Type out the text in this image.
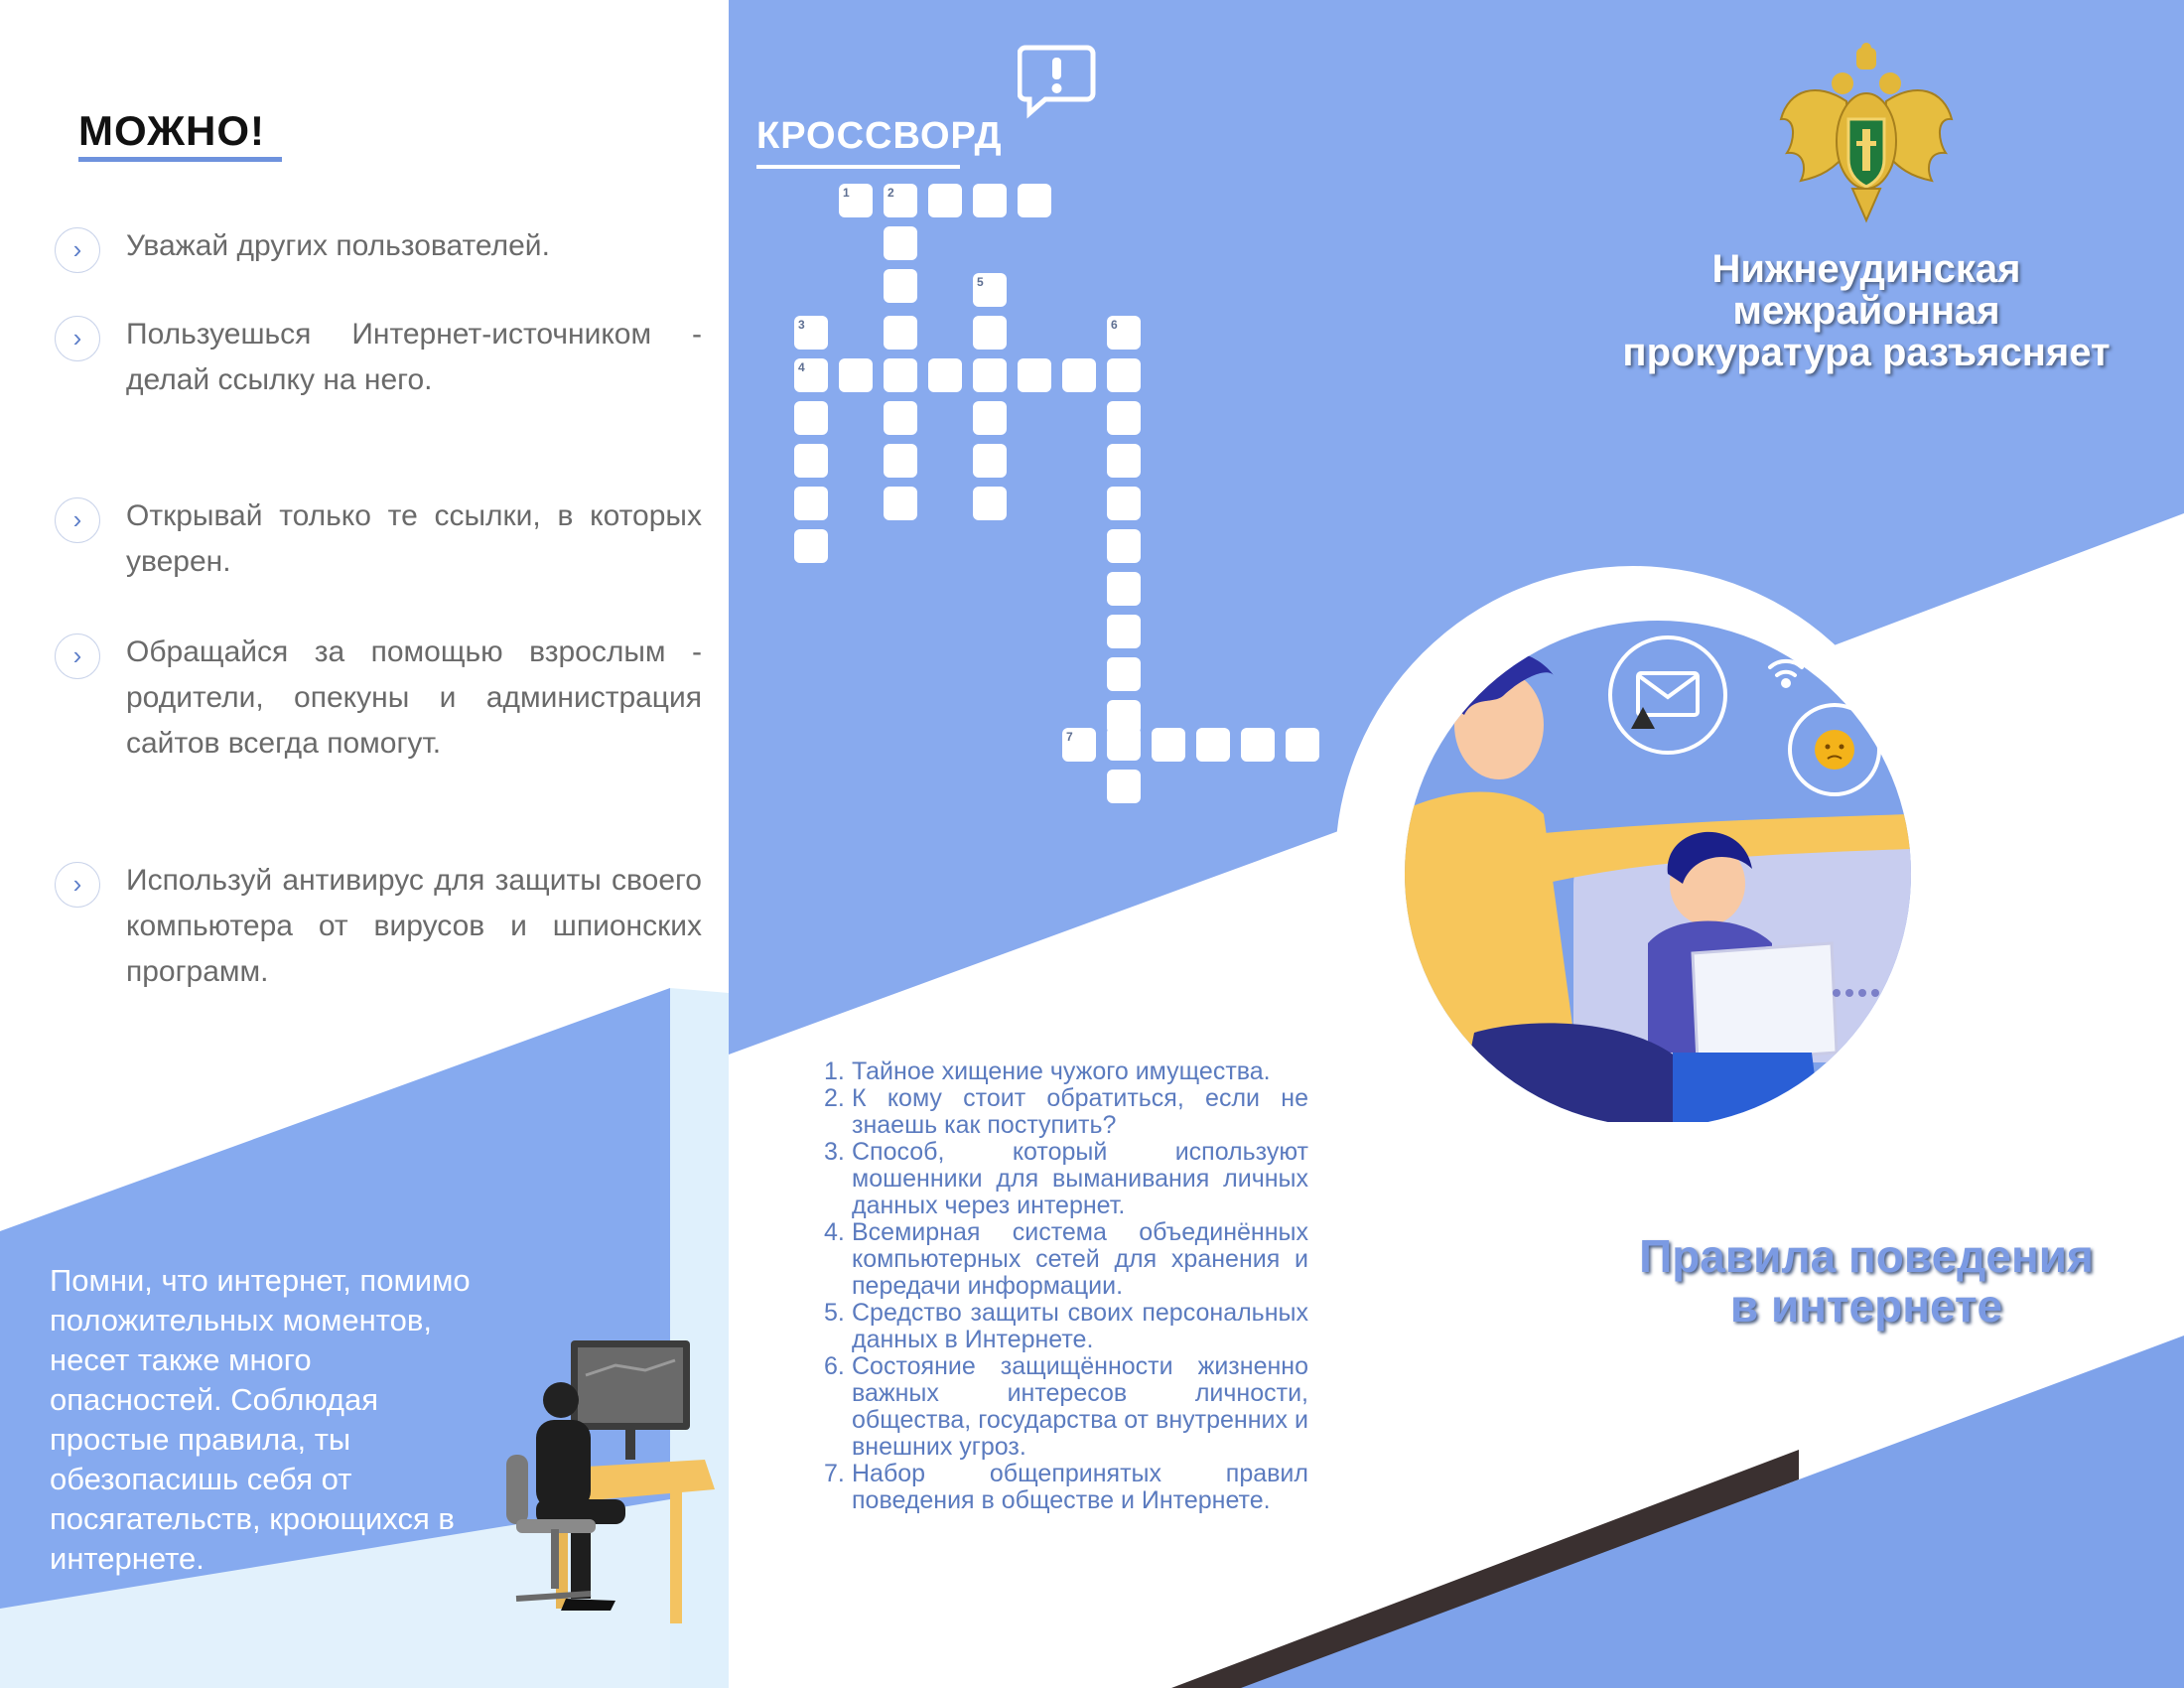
МОЖНО!
›	Уважай других пользователей.
›	Пользуешься Интернет-источником - делай ссылку на него.
›	Открывай только те ссылки, в которых уверен.
›	Обращайся за помощью взрослым - родители, опекуны и администрация сайтов всегда помогут.
›	Используй антивирус для защиты своего компьютера от вирусов и шпионских программ.
Помни, что интернет, помимо положительных моментов, несет также много опасностей. Соблюдая простые правила, ты обезопасишь себя от посягательств, кроющихся в интернете.
КРОССВОРД
1	2
3
4
5
6
7
1. Тайное хищение чужого имущества.
2. К кому стоит обратиться, если не знаешь как поступить?
3. Способ, который используют мошенники для выманивания личных данных через интернет.
4. Всемирная система объединённых компьютерных сетей для хранения и передачи информации.
5. Средство защиты своих персональных данных в Интернете.
6. Состояние защищённости жизненно важных интересов личности, общества, государства от внутренних и внешних угроз.
7. Набор общепринятых правил поведения в обществе и Интернете.
Нижнеудинская
межрайонная
прокуратура разъясняет
Правила поведения
в интернете
